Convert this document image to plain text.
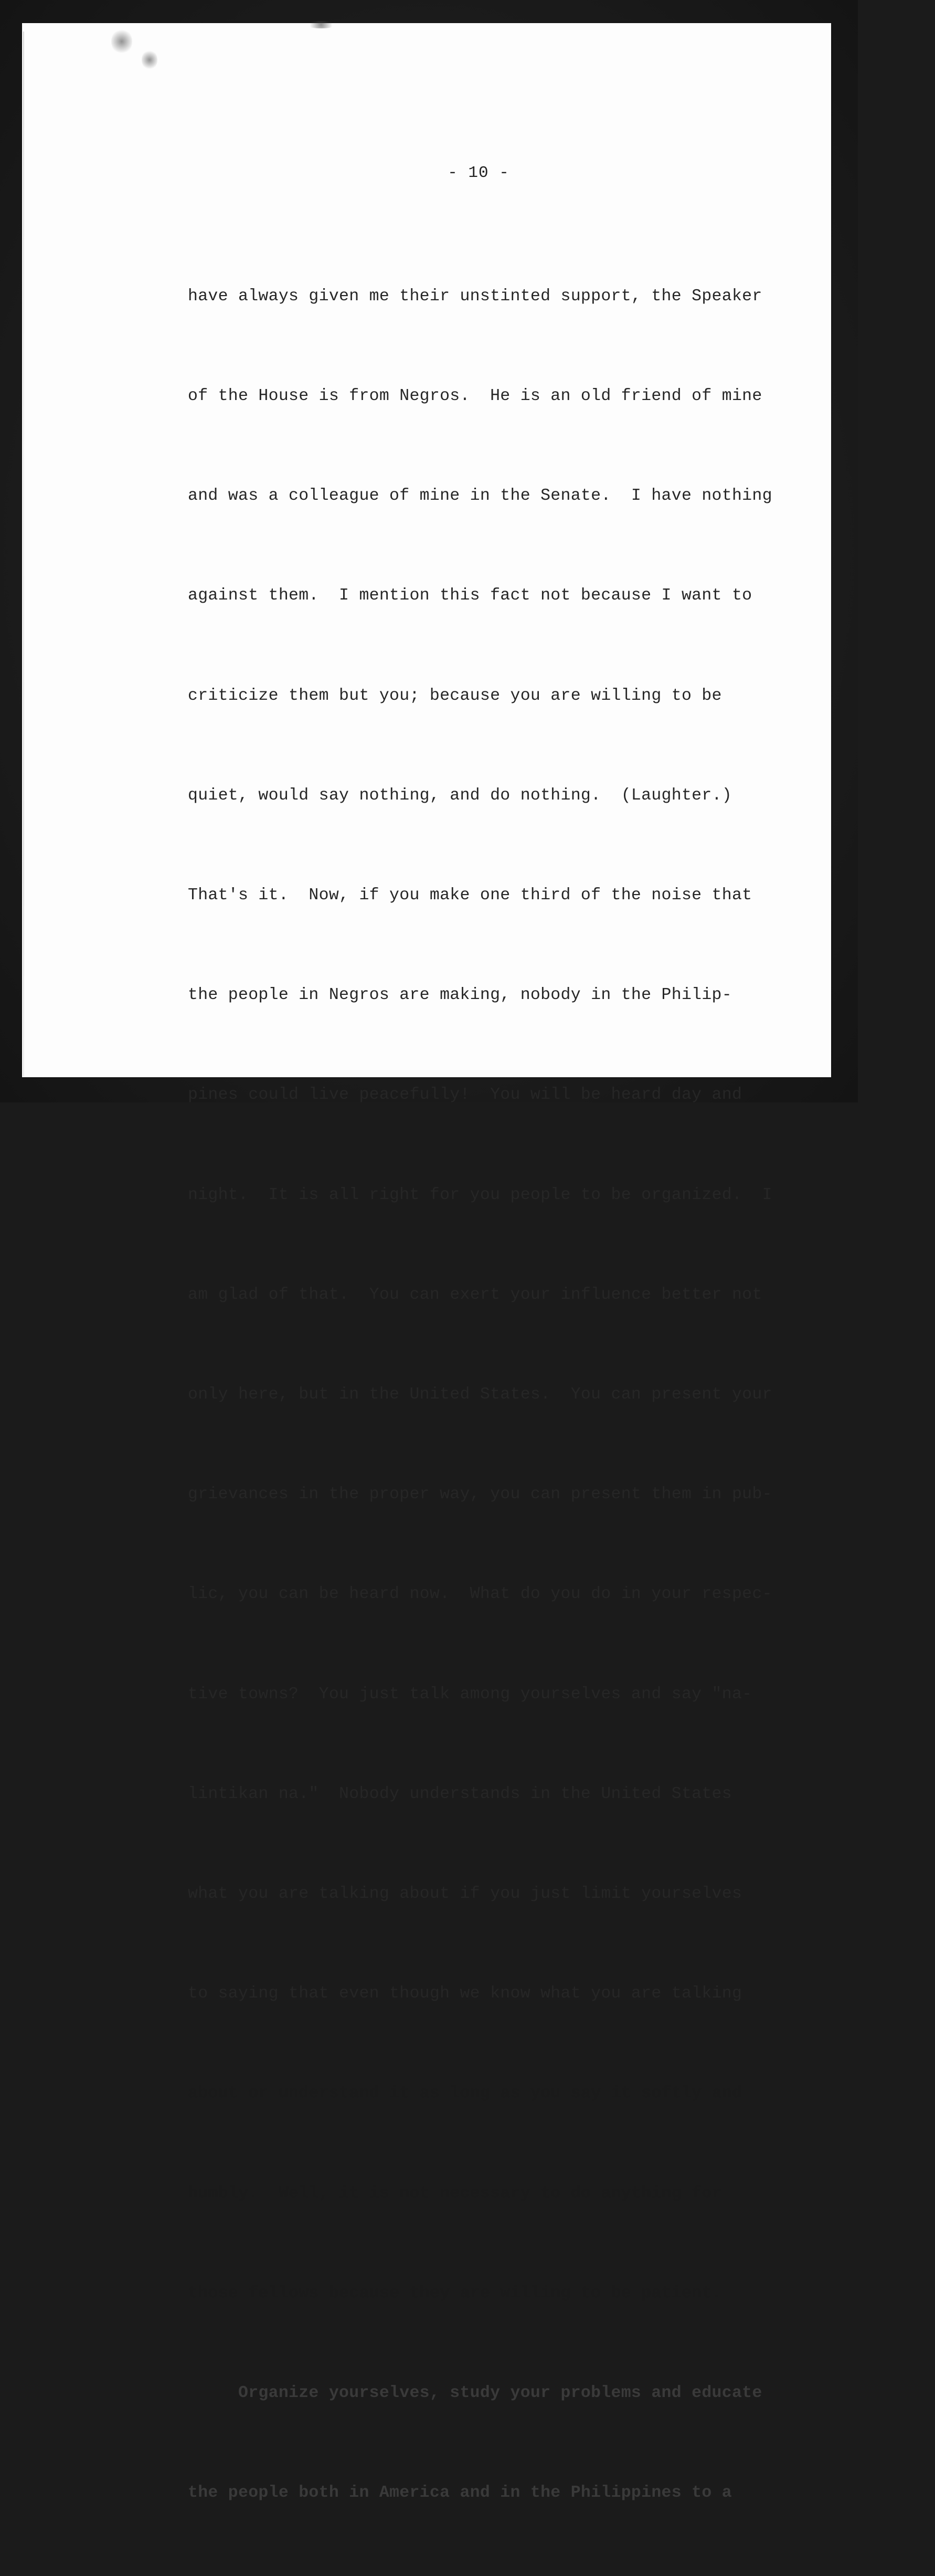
- 10 -

have always given me their unstinted support, the Speaker

of the House is from Negros.  He is an old friend of mine

and was a colleague of mine in the Senate.  I have nothing

against them.  I mention this fact not because I want to

criticize them but you; because you are willing to be

quiet, would say nothing, and do nothing.  (Laughter.)

That's it.  Now, if you make one third of the noise that

the people in Negros are making, nobody in the Philip-

pines could live peacefully!  You will be heard day and

night.  It is all right for you people to be organized.  I

am glad of that.  You can exert your influence better not

only here, but in the United States.  You can present your

grievances in the proper way, you can present them in pub-

lic, you can be heard now.  What do you do in your respec-

tive towns?  You just talk among yourselves and say "na-

lintikan na."  Nobody understands in the United States

what you are talking about if you just limit yourselves

to saying that even though we know what you are talking

about or understand it as long as you say it softly and

humbly.  Well, it is not necessary to do anything for

those fellows because they are willing to be patient.

Organize yourselves, study your problems and educate

the people both in America and in the Philippines to a
